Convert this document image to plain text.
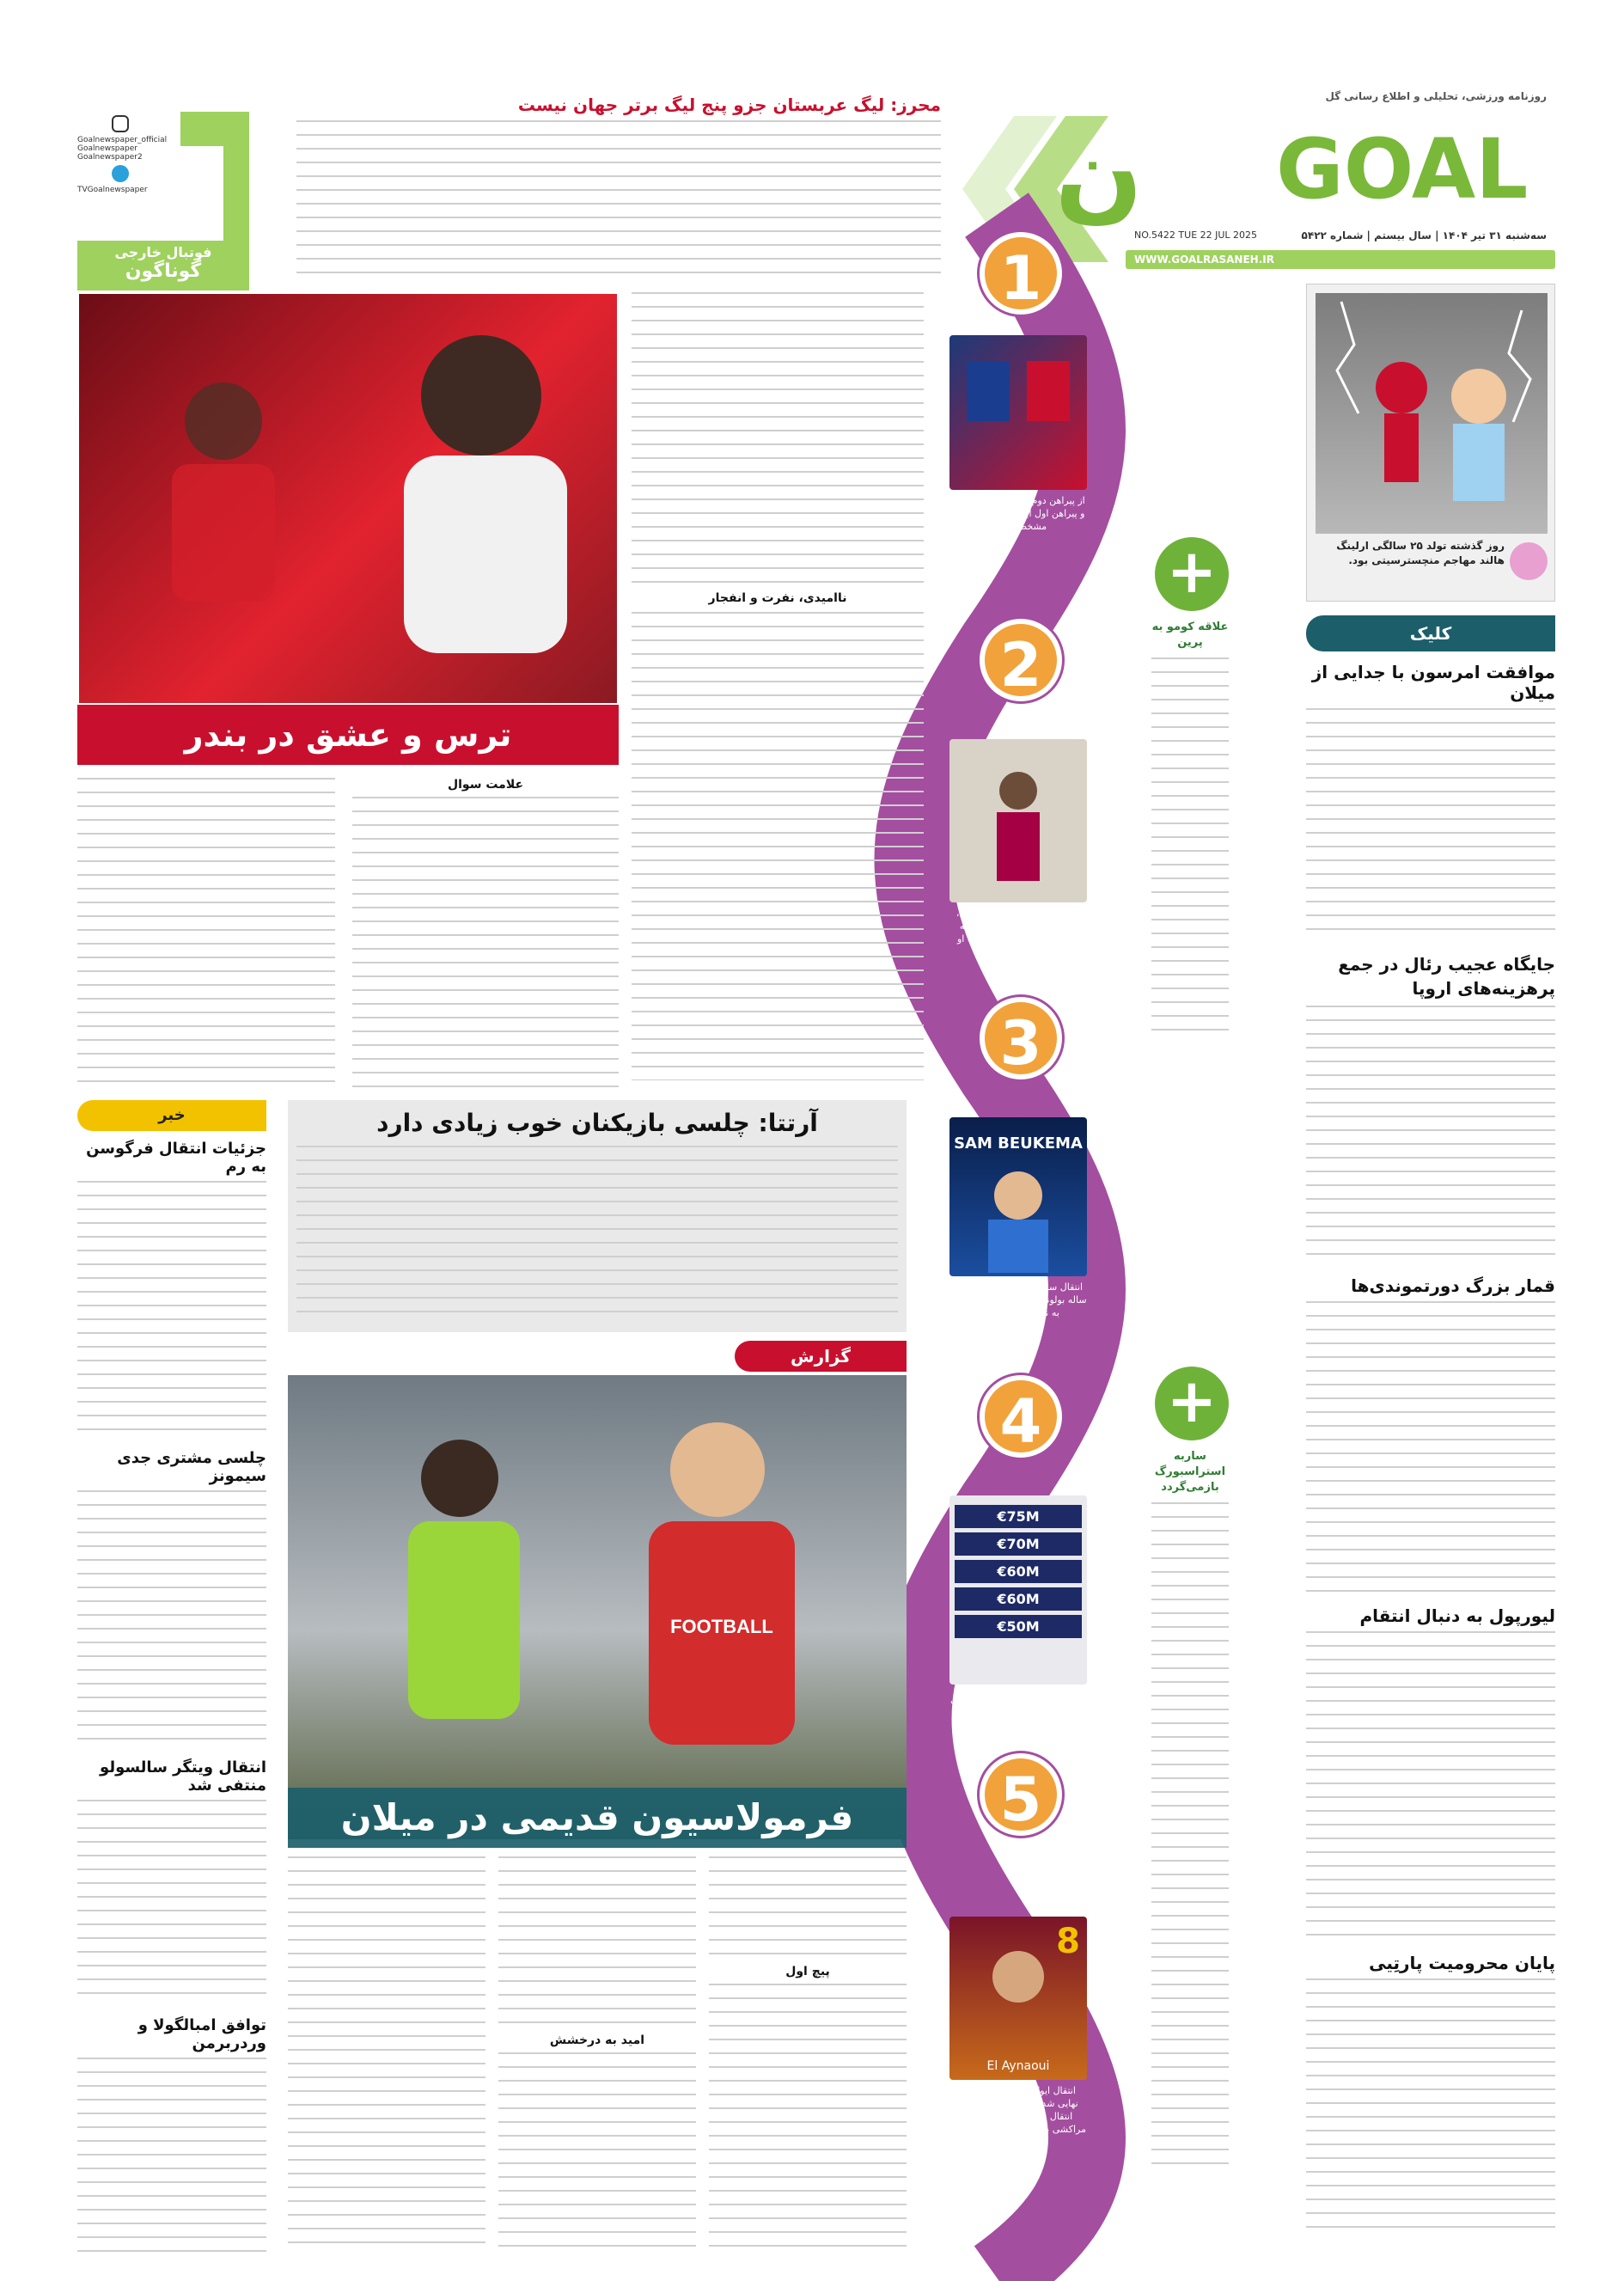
ن GOAL
روزنامه ورزشی، تحلیلی و اطلاع رسانی گل
سه‌شنبه ۳۱ تیر ۱۴۰۴ | سال بیستم | شماره ۵۴۲۲
NO.5422 TUE 22 JUL 2025
WWW.GOALRASANEH.IR
محرز: لیگ عربستان جزو پنج لیگ برتر جهان نیست
Goalnewspaper_official
Goalnewspaper
Goalnewspaper2
TVGoalnewspaper
فوتبال خارجی
گوناگون
روز گذشته تولد ۲۵ سالگی ارلینگ هالند مهاجم منچسترسیتی بود.
کلیک
موافقت امرسون با جدایی از میلان
جایگاه عجیب رئال در جمع پرهزینه‌های اروپا
قمار بزرگ دورتموندی‌ها
لیورپول به دنبال انتقام
پایان محرومیت پارتِیی
+
علاقه کومو به پرین
+
ساربه استراسبورگ بازمی‌گردد
1
از پیراهن دوم آرسنال رونمایی شد و پیراهن اول این تیم هم در تصویر مشخص است.
2
یکی از هنرمندان شهر بارسلون، نقاشی مارکوس رشفورد را به زیبایی روی دیوار کشیده و به او خوشامد گفت.
3
SAM BEUKEMA
انتقال سام بیکما مدافع هلندی ۲۶ ساله بولونیا به مبلغ ۳۱ میلیون یورو به ناپولی رسمی شد.
4
€75M
€70M
€60M
€60M
€50M
ارزشمندترین مدافعان جهان فوتبال جهان در سال ۲۰۲۵.
5
8
El Aynaoui
انتقال ایول العینوی به اس رم نهایی شد و جالب‌ترین رم برای انتقال هافبک میانی ۲۴ ساله مراکشی به مبلغ ۲۳ میلیون یورو به ۱۰ میلیون
ترس و عشق در بندر
ناامیدی، نفرت و انفجار
علامت سوال
خبر
جزئیات انتقال فرگوسن به رم
چلسی مشتری جدی سیمونز
انتقال ویتگر سالسولو منتفی شد
توافق امبالگولا و وردربرمن
آرتتا: چلسی بازیکنان خوب زیادی دارد
گزارش
FOOTBALL
فرمولاسیون قدیمی در میلان
پیچ اول
امید به درخشش
